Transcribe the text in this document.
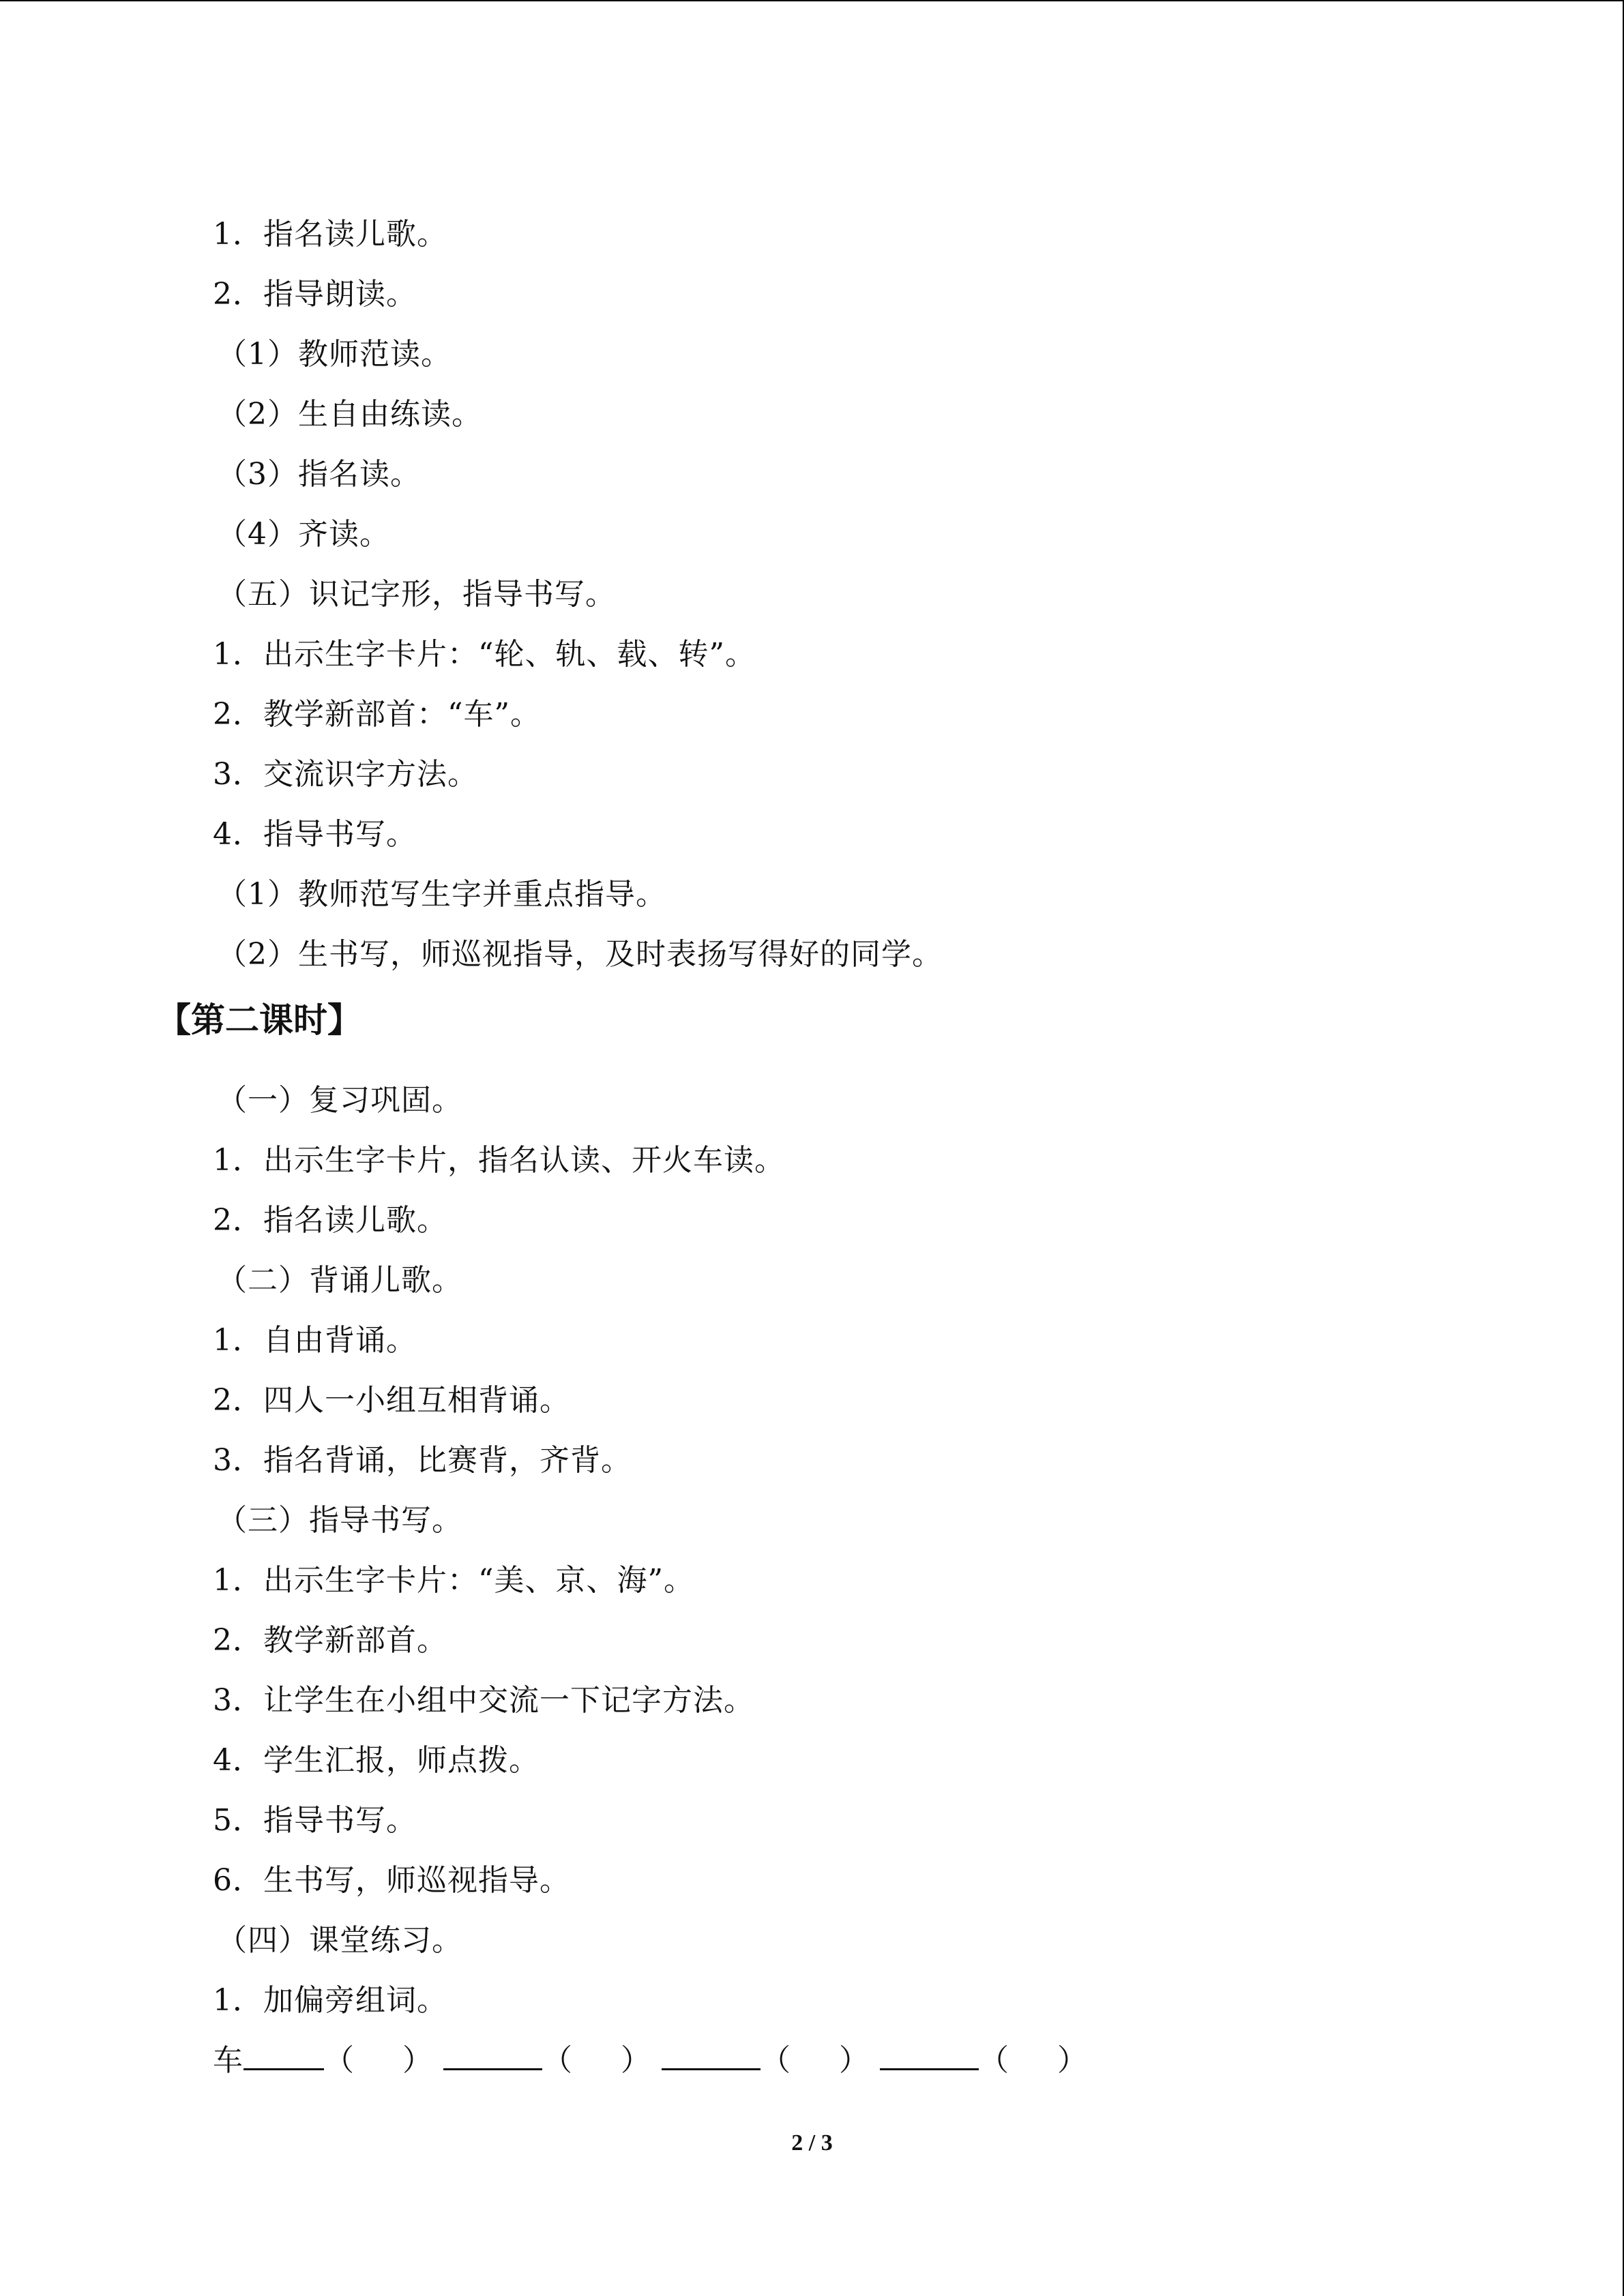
1．指名读儿歌。
2．指导朗读。
（1）教师范读。
（2）生自由练读。
（3）指名读。
（4）齐读。
（五）识记字形，指导书写。
1．出示生字卡片：“轮、轨、载、转”。
2．教学新部首：“车”。
3．交流识字方法。
4．指导书写。
（1）教师范写生字并重点指导。
（2）生书写，师巡视指导，及时表扬写得好的同学。
【第二课时】
（一）复习巩固。
1．出示生字卡片，指名认读、开火车读。
2．指名读儿歌。
（二）背诵儿歌。
1．自由背诵。
2．四人一小组互相背诵。
3．指名背诵，比赛背，齐背。
（三）指导书写。
1．出示生字卡片：“美、京、海”。
2．教学新部首。
3．让学生在小组中交流一下记字方法。
4．学生汇报，师点拨。
5．指导书写。
6．生书写，师巡视指导。
（四）课堂练习。
1．加偏旁组词。
车	（ ）	（ ）	（ ）	（ ）
2 / 3
